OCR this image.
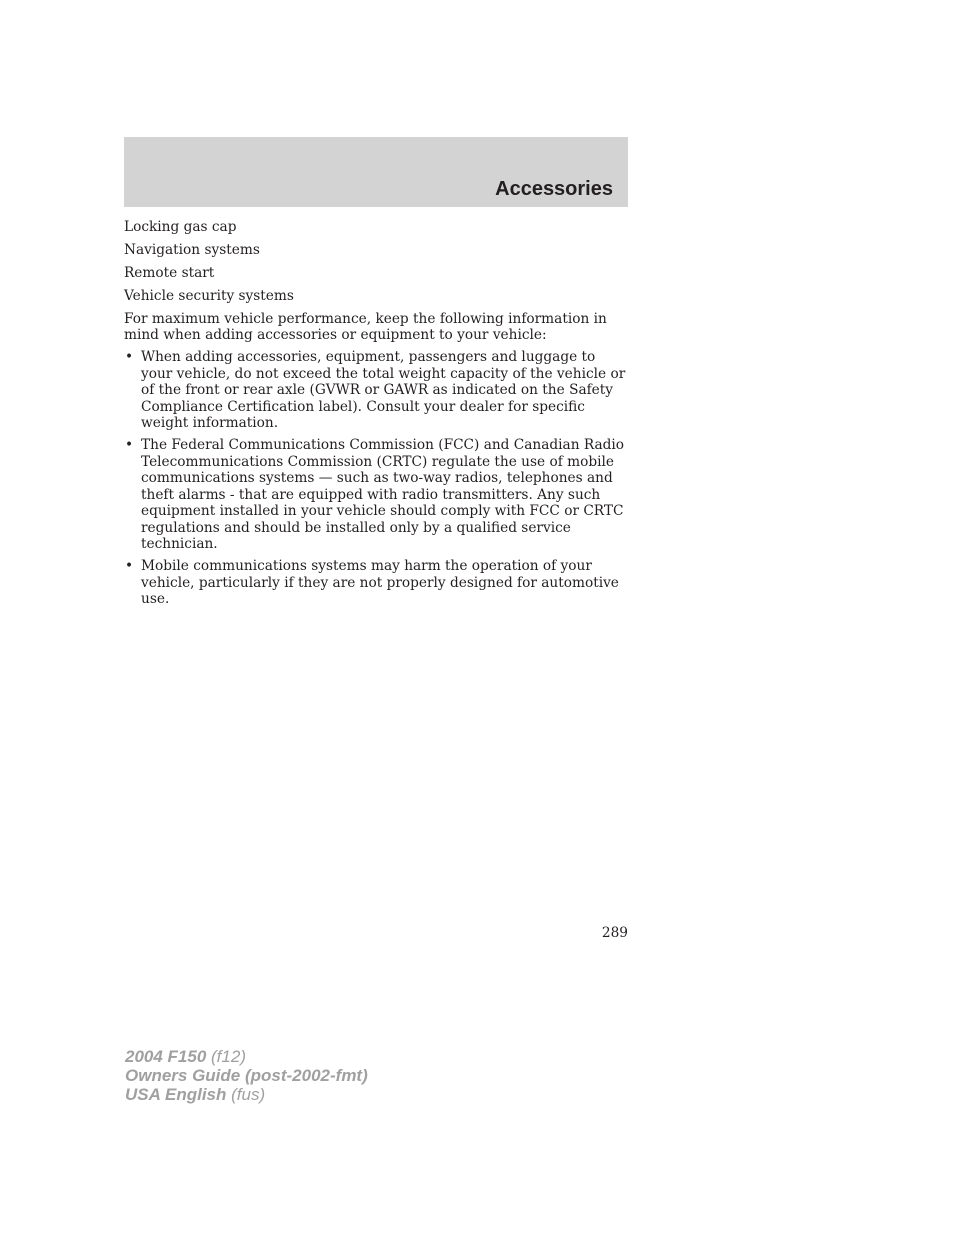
Accessories

Locking gas cap

Navigation systems

Remote start

Vehicle security systems

For maximum vehicle performance, keep the following information in mind when adding accessories or equipment to your vehicle:

• When adding accessories, equipment, passengers and luggage to your vehicle, do not exceed the total weight capacity of the vehicle or of the front or rear axle (GVWR or GAWR as indicated on the Safety Compliance Certification label). Consult your dealer for specific weight information.
• The Federal Communications Commission (FCC) and Canadian Radio Telecommunications Commission (CRTC) regulate the use of mobile communications systems — such as two-way radios, telephones and theft alarms - that are equipped with radio transmitters. Any such equipment installed in your vehicle should comply with FCC or CRTC regulations and should be installed only by a qualified service technician.
• Mobile communications systems may harm the operation of your vehicle, particularly if they are not properly designed for automotive use.
289
2004 F150 (f12)
Owners Guide (post-2002-fmt)
USA English (fus)
